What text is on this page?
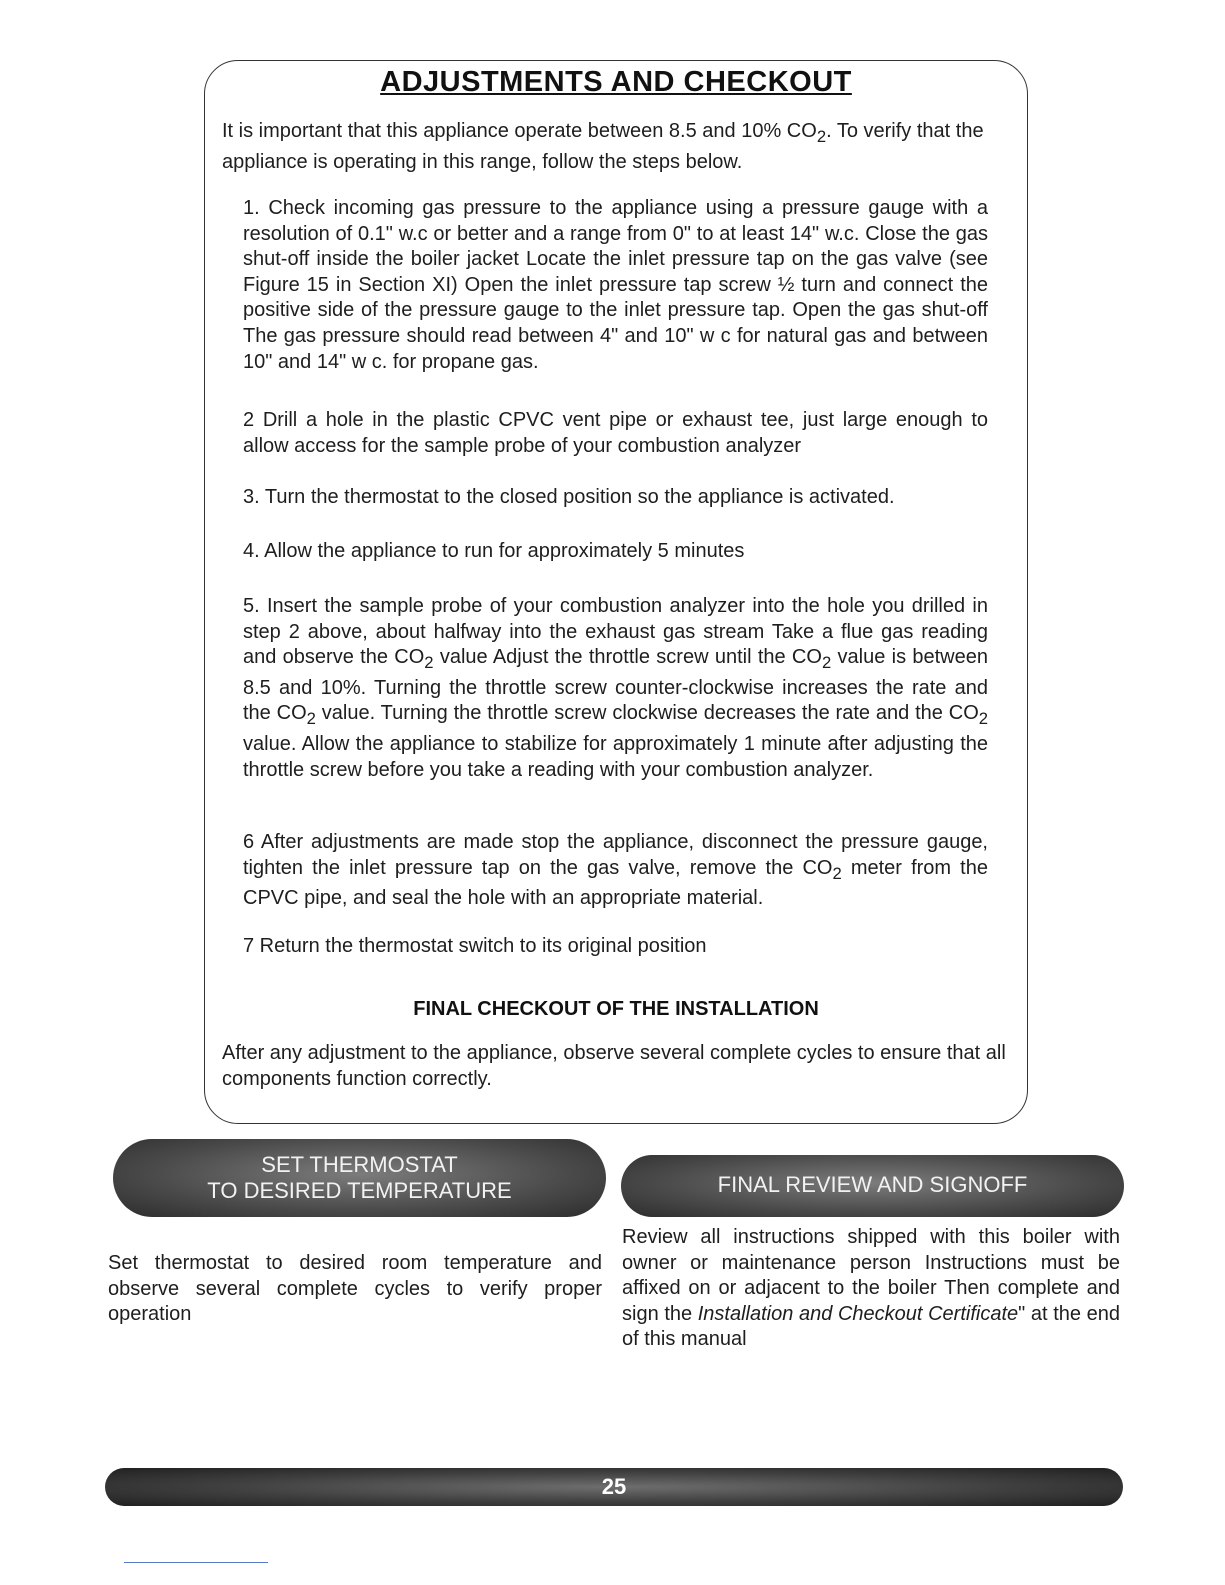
ADJUSTMENTS AND CHECKOUT

It is important that this appliance operate between 8.5 and 10% $CO_2$. To verify that the appliance is operating in this range, follow the steps below.

1. Check incoming gas pressure to the appliance using a pressure gauge with a resolution of 0.1" w.c or better and a range from 0" to at least 14" w.c. Close the gas shut-off inside the boiler jacket Locate the inlet pressure tap on the gas valve (see Figure 15 in Section XI) Open the inlet pressure tap screw ½ turn and connect the positive side of the pressure gauge to the inlet pressure tap. Open the gas shut-off The gas pressure should read between 4" and 10" w c for natural gas and between 10" and 14" w c. for propane gas.

2 Drill a hole in the plastic CPVC vent pipe or exhaust tee, just large enough to allow access for the sample probe of your combustion analyzer

3. Turn the thermostat to the closed position so the appliance is activated.

4. Allow the appliance to run for approximately 5 minutes

5. Insert the sample probe of your combustion analyzer into the hole you drilled in step 2 above, about halfway into the exhaust gas stream Take a flue gas reading and observe the $CO_2$ value Adjust the throttle screw until the $CO_2$ value is between 8.5 and 10%. Turning the throttle screw counter-clockwise increases the rate and the $CO_2$ value. Turning the throttle screw clockwise decreases the rate and the $CO_2$ value. Allow the appliance to stabilize for approximately 1 minute after adjusting the throttle screw before you take a reading with your combustion analyzer.

6 After adjustments are made stop the appliance, disconnect the pressure gauge, tighten the inlet pressure tap on the gas valve, remove the $CO_2$ meter from the CPVC pipe, and seal the hole with an appropriate material.

7 Return the thermostat switch to its original position

FINAL CHECKOUT OF THE INSTALLATION

After any adjustment to the appliance, observe several complete cycles to ensure that all components function correctly.

SET THERMOSTAT
TO DESIRED TEMPERATURE

Set thermostat to desired room temperature and observe several complete cycles to verify proper operation

FINAL REVIEW AND SIGNOFF

Review all instructions shipped with this boiler with owner or maintenance person Instructions must be affixed on or adjacent to the boiler Then complete and sign the Installation and Checkout Certificate" at the end of this manual

25
